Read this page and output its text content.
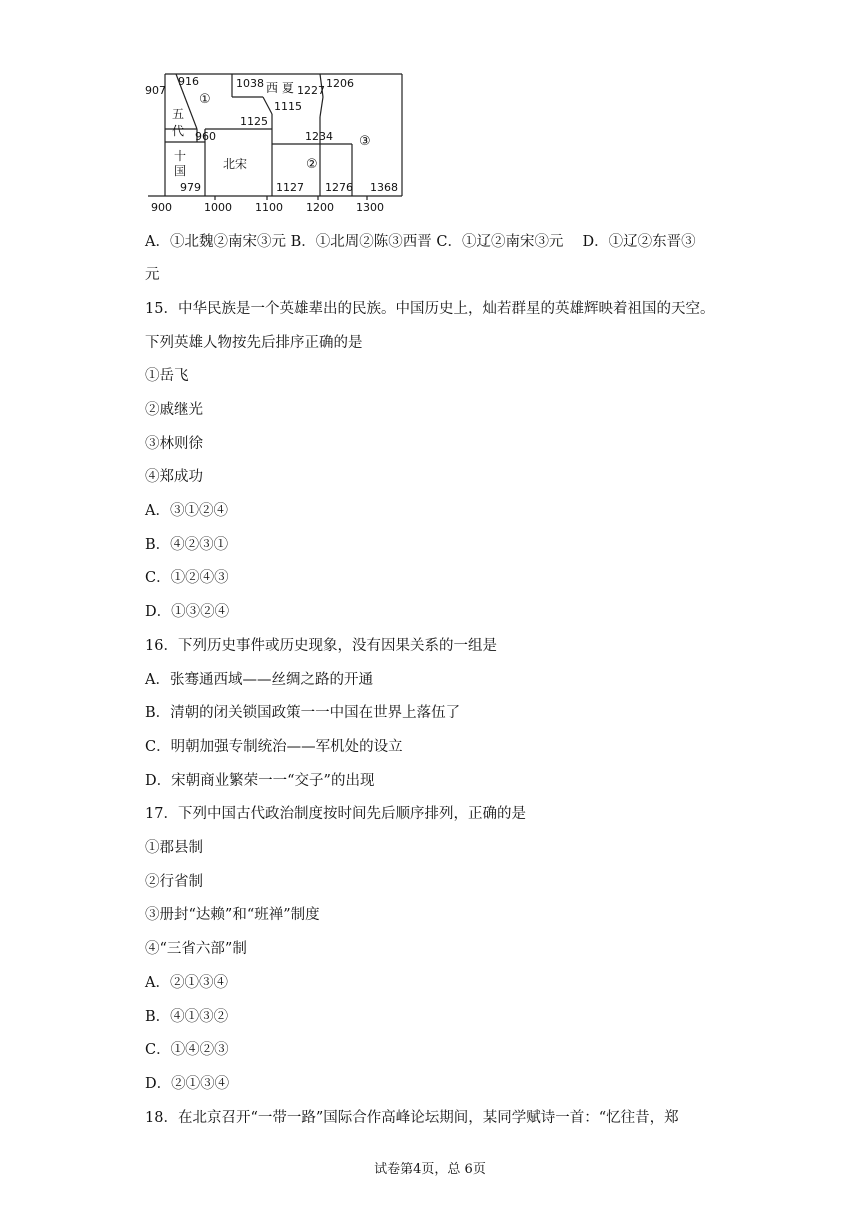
907
916
①
1038 西 夏 1227
1206
1115
1125
五
代 960	1234 ③
十
国	北宋	②
979	1127 1276 1368
900	1000 1100 1200 1300
A．①北魏②南宋③元 B．①北周②陈③西晋 C．①辽②南宋③元　 D．①辽②东晋③
元
15．中华民族是一个英雄辈出的民族。中国历史上，灿若群星的英雄辉映着祖国的天空。
下列英雄人物按先后排序正确的是
①岳飞
②戚继光
③林则徐
④郑成功
A．③①②④
B．④②③①
C．①②④③
D．①③②④
16．下列历史事件或历史现象，没有因果关系的一组是
A．张骞通西域——丝绸之路的开通
B．清朝的闭关锁国政策一一中国在世界上落伍了
C．明朝加强专制统治——军机处的设立
D．宋朝商业繁荣一一“交子”的出现
17．下列中国古代政治制度按时间先后顺序排列，正确的是
①郡县制
②行省制
③册封“达赖”和“班禅”制度
④“三省六部”制
A．②①③④
B．④①③②
C．①④②③
D．②①③④
18．在北京召开“一带一路”国际合作高峰论坛期间，某同学赋诗一首：“忆往昔，郑
试卷第4页，总 6页
